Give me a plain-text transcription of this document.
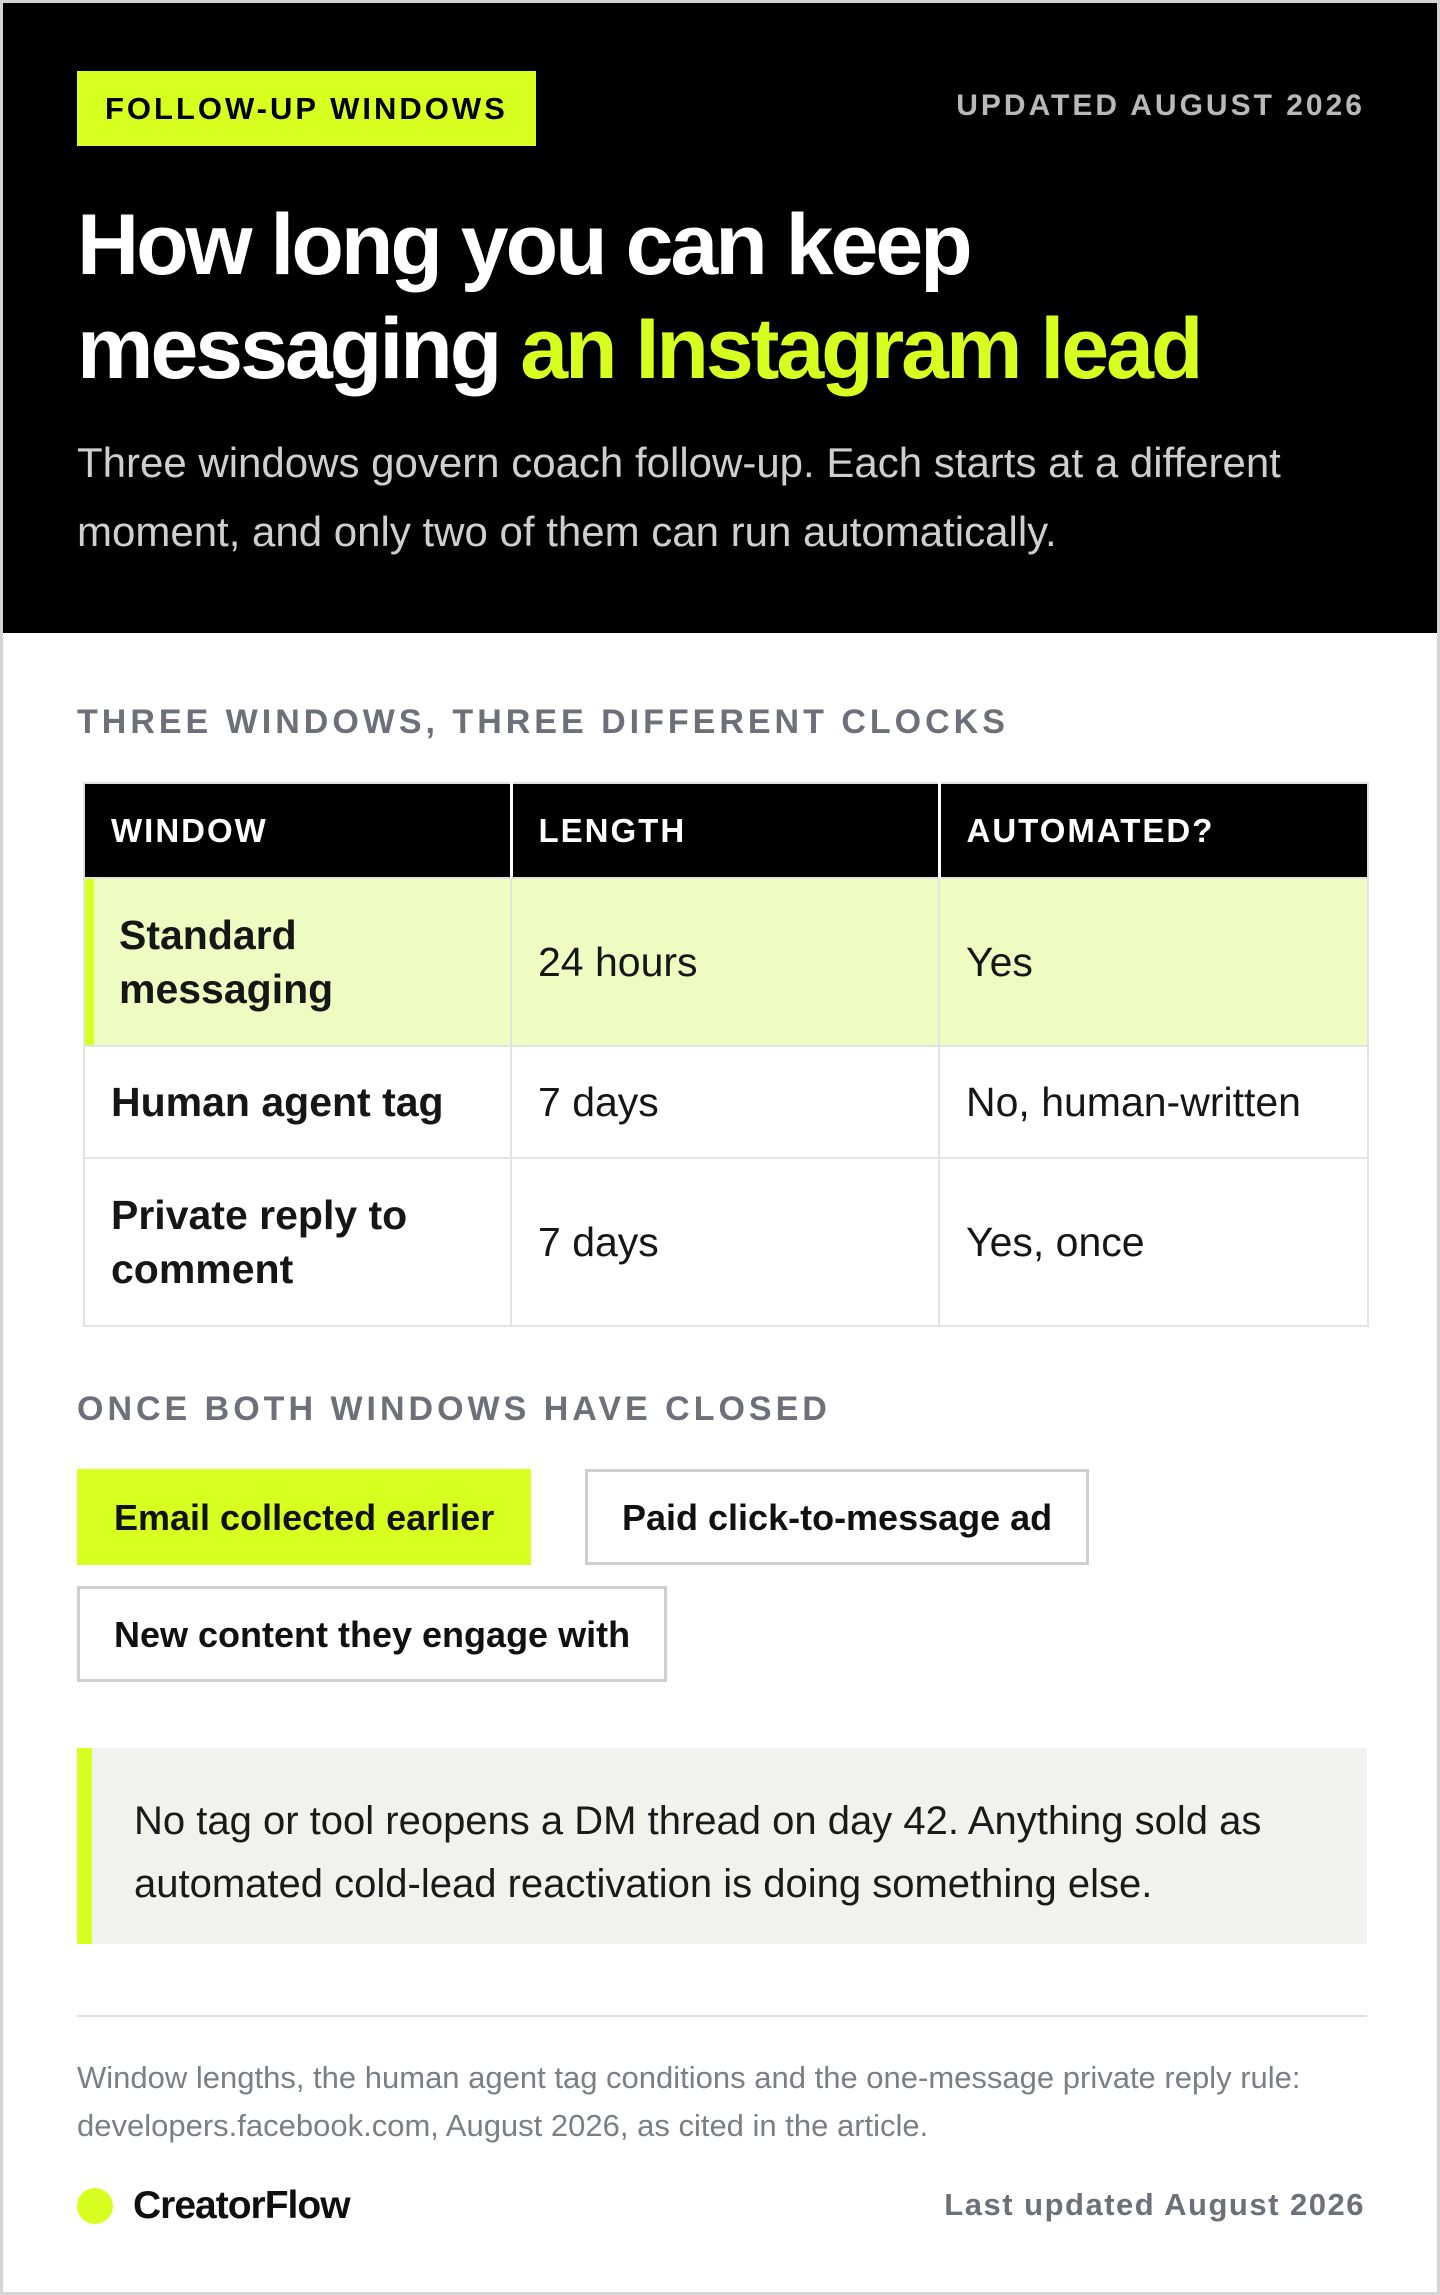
FOLLOW-UP WINDOWS	UPDATED AUGUST 2026
How long you can keep
messaging an Instagram lead

Three windows govern coach follow-up. Each starts at a different moment, and only two of them can run automatically.

THREE WINDOWS, THREE DIFFERENT CLOCKS
WINDOW	LENGTH	AUTOMATED?
Standard messaging	24 hours	Yes
Human agent tag	7 days	No, human-written
Private reply to comment	7 days	Yes, once
ONCE BOTH WINDOWS HAVE CLOSED
Email collected earlier	Paid click-to-message ad
New content they engage with
No tag or tool reopens a DM thread on day 42. Anything sold as automated cold-lead reactivation is doing something else.

Window lengths, the human agent tag conditions and the one-message private reply rule: developers.facebook.com, August 2026, as cited in the article.

CreatorFlow	Last updated August 2026
